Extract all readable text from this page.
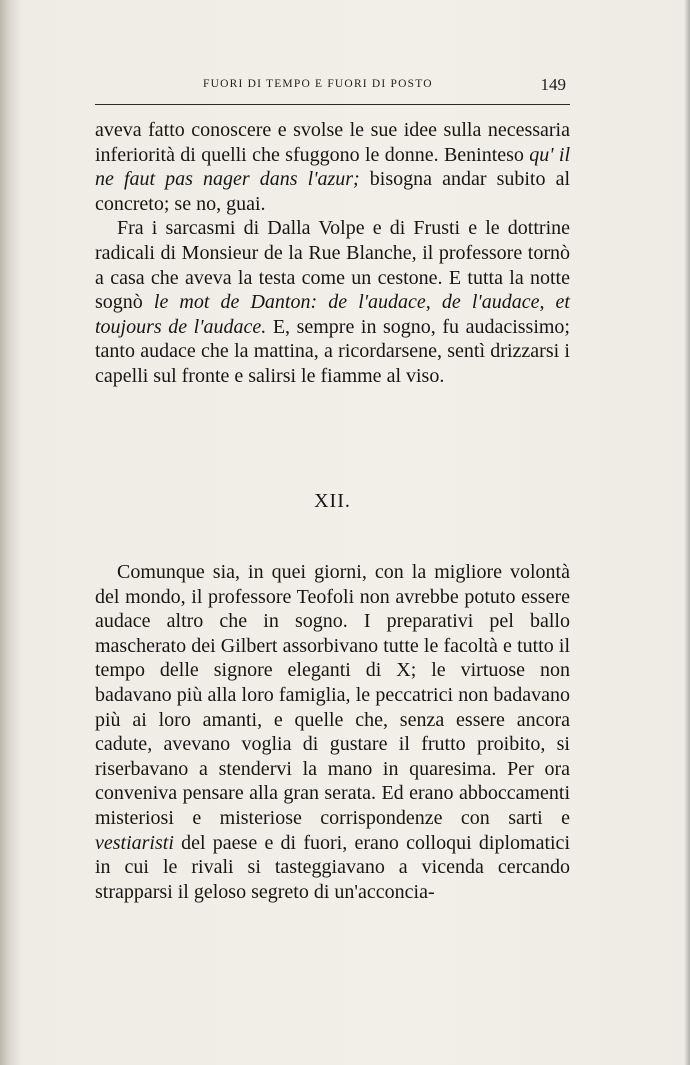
FUORI DI TEMPO E FUORI DI POSTO	149

aveva fatto conoscere e svolse le sue idee sulla necessaria inferiorità di quelli che sfuggono le donne. Beninteso qu' il ne faut pas nager dans l'azur; bisogna andar subito al concreto; se no, guai.

Fra i sarcasmi di Dalla Volpe e di Frusti e le dottrine radicali di Monsieur de la Rue Blanche, il professore tornò a casa che aveva la testa come un cestone. E tutta la notte sognò le mot de Danton: de l'audace, de l'audace, et toujours de l'audace. E, sempre in sogno, fu audacissimo; tanto audace che la mattina, a ricordarsene, sentì drizzarsi i capelli sul fronte e salirsi le fiamme al viso.

XII.

Comunque sia, in quei giorni, con la migliore volontà del mondo, il professore Teofoli non avrebbe potuto essere audace altro che in sogno. I preparativi pel ballo mascherato dei Gilbert assorbivano tutte le facoltà e tutto il tempo delle signore eleganti di X; le virtuose non badavano più alla loro famiglia, le peccatrici non badavano più ai loro amanti, e quelle che, senza essere ancora cadute, avevano voglia di gustare il frutto proibito, si riserbavano a stendervi la mano in quaresima. Per ora conveniva pensare alla gran serata. Ed erano abboccamenti misteriosi e misteriose corrispondenze con sarti e vestiaristi del paese e di fuori, erano colloqui diplomatici in cui le rivali si tasteggiavano a vicenda cercando strapparsi il geloso segreto di un'acconcia-
